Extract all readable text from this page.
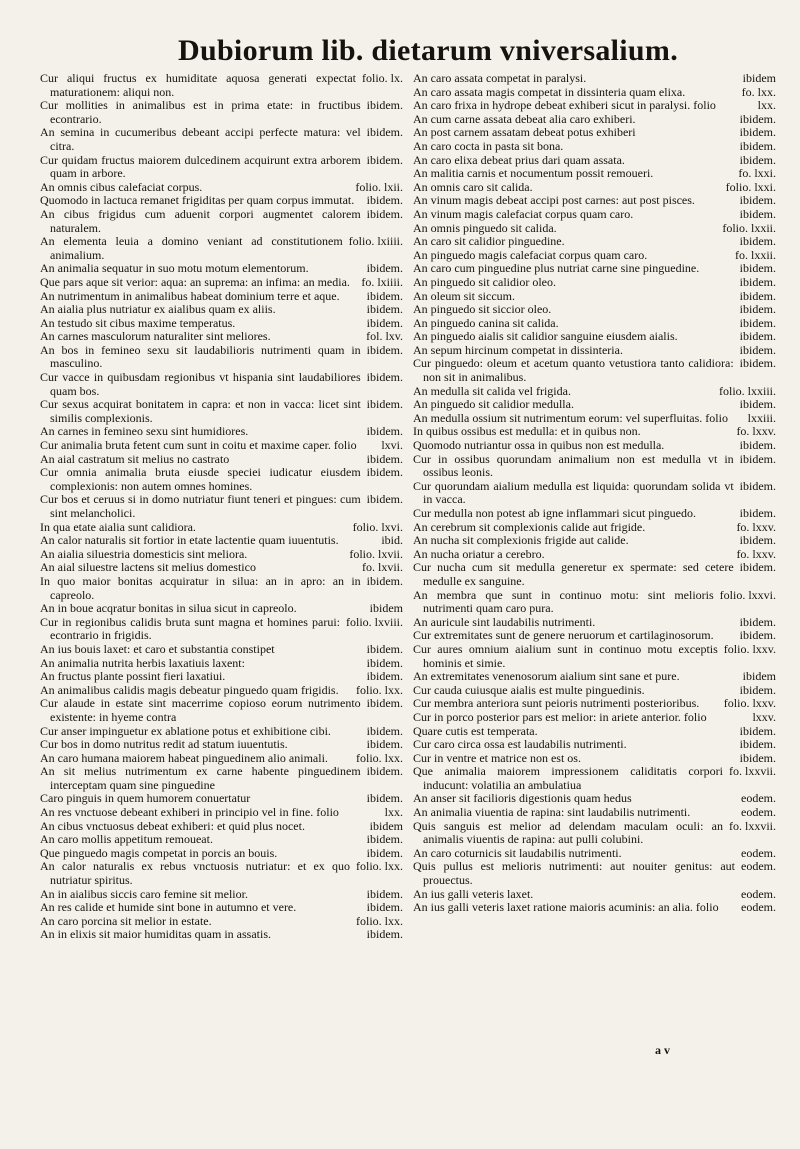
Dubiorum lib. dietarum vniversalium.

folio. lx.
Cur aliqui fructus ex humiditate aquosa generati expectat maturationem: aliqui non.

ibidem.
Cur mollities in animalibus est in prima etate: in fructibus econtrario.

ibidem.
An semina in cucumeribus debeant accipi perfecte matura: vel citra.

ibidem.
Cur quidam fructus maiorem dulcedinem acquirunt extra arborem quam in arbore.

folio. lxii.
An omnis cibus calefaciat corpus.

ibidem.
Quomodo in lactuca remanet frigiditas per quam corpus immutat.

ibidem.
An cibus frigidus cum aduenit corpori augmentet calorem naturalem.

folio. lxiiii.
An elementa leuia a domino veniant ad constitutionem animalium.

ibidem.
An animalia sequatur in suo motu motum elementorum.

fo. lxiiii.
Que pars aque sit verior: aqua: an suprema: an infima: an media.

ibidem.
An nutrimentum in animalibus habeat dominium terre et aque.

ibidem.
An aialia plus nutriatur ex aialibus quam ex aliis.

ibidem.
An testudo sit cibus maxime temperatus.

fol. lxv.
An carnes masculorum naturaliter sint meliores.

ibidem.
An bos in femineo sexu sit laudabilioris nutrimenti quam in masculino.

ibidem.
Cur vacce in quibusdam regionibus vt hispania sint laudabiliores quam bos.

ibidem.
Cur sexus acquirat bonitatem in capra: et non in vacca: licet sint similis complexionis.

ibidem.
An carnes in femineo sexu sint humidiores.

lxvi.
Cur animalia bruta fetent cum sunt in coitu et maxime caper. folio

ibidem.
An aial castratum sit melius no castrato

ibidem.
Cur omnia animalia bruta eiusde speciei iudicatur eiusdem complexionis: non autem omnes homines.

ibidem.
Cur bos et ceruus si in domo nutriatur fiunt teneri et pingues: cum sint melancholici.

folio. lxvi.
In qua etate aialia sunt calidiora.

ibid.
An calor naturalis sit fortior in etate lactentie quam iuuentutis.

folio. lxvii.
An aialia siluestria domesticis sint meliora.

fo. lxvii.
An aial siluestre lactens sit melius domestico

ibidem.
In quo maior bonitas acquiratur in silua: an in apro: an in capreolo.

ibidem
An in boue acqratur bonitas in silua sicut in capreolo.

folio. lxviii.
Cur in regionibus calidis bruta sunt magna et homines parui: econtrario in frigidis.

ibidem.
An ius bouis laxet: et caro et substantia constipet

ibidem.
An animalia nutrita herbis laxatiuis laxent:

ibidem.
An fructus plante possint fieri laxatiui.

folio. lxx.
An animalibus calidis magis debeatur pinguedo quam frigidis.

ibidem.
Cur alaude in estate sint macerrime copioso eorum nutrimento existente: in hyeme contra

ibidem.
Cur anser impinguetur ex ablatione potus et exhibitione cibi.

ibidem.
Cur bos in domo nutritus redit ad statum iuuentutis.

folio. lxx.
An caro humana maiorem habeat pinguedinem alio animali.

ibidem.
An sit melius nutrimentum ex carne habente pinguedinem interceptam quam sine pinguedine

ibidem.
Caro pinguis in quem humorem conuertatur

lxx.
An res vnctuose debeant exhiberi in principio vel in fine. folio

ibidem
An cibus vnctuosus debeat exhiberi: et quid plus nocet.

ibidem.
An caro mollis appetitum remoueat.

ibidem.
Que pinguedo magis competat in porcis an bouis.

folio. lxx.
An calor naturalis ex rebus vnctuosis nutriatur: et ex quo nutriatur spiritus.

ibidem.
An in aialibus siccis caro femine sit melior.

ibidem.
An res calide et humide sint bone in autumno et vere.

folio. lxx.
An caro porcina sit melior in estate.

ibidem.
An in elixis sit maior humiditas quam in assatis.

ibidem
An caro assata competat in paralysi.

fo. lxx.
An caro assata magis competat in dissinteria quam elixa.

lxx.
An caro frixa in hydrope debeat exhiberi sicut in paralysi. folio

ibidem.
An cum carne assata debeat alia caro exhiberi.

ibidem.
An post carnem assatam debeat potus exhiberi

ibidem.
An caro cocta in pasta sit bona.

ibidem.
An caro elixa debeat prius dari quam assata.

fo. lxxi.
An malitia carnis et nocumentum possit remoueri.

folio. lxxi.
An omnis caro sit calida.

ibidem.
An vinum magis debeat accipi post carnes: aut post pisces.

ibidem.
An vinum magis calefaciat corpus quam caro.

folio. lxxii.
An omnis pinguedo sit calida.

ibidem.
An caro sit calidior pinguedine.

fo. lxxii.
An pinguedo magis calefaciat corpus quam caro.

ibidem.
An caro cum pinguedine plus nutriat carne sine pinguedine.

ibidem.
An pinguedo sit calidior oleo.

ibidem.
An oleum sit siccum.

ibidem.
An pinguedo sit siccior oleo.

ibidem.
An pinguedo canina sit calida.

ibidem.
An pinguedo aialis sit calidior sanguine eiusdem aialis.

ibidem.
An sepum hircinum competat in dissinteria.

ibidem.
Cur pinguedo: oleum et acetum quanto vetustiora tanto calidiora: non sit in animalibus.

folio. lxxiii.
An medulla sit calida vel frigida.

ibidem.
An pinguedo sit calidior medulla.

lxxiii.
An medulla ossium sit nutrimentum eorum: vel superfluitas. folio

fo. lxxv.
In quibus ossibus est medulla: et in quibus non.

ibidem.
Quomodo nutriantur ossa in quibus non est medulla.

ibidem.
Cur in ossibus quorundam animalium non est medulla vt in ossibus leonis.

ibidem.
Cur quorundam aialium medulla est liquida: quorundam solida vt in vacca.

ibidem.
Cur medulla non potest ab igne inflammari sicut pinguedo.

fo. lxxv.
An cerebrum sit complexionis calide aut frigide.

ibidem.
An nucha sit complexionis frigide aut calide.

fo. lxxv.
An nucha oriatur a cerebro.

ibidem.
Cur nucha cum sit medulla generetur ex spermate: sed cetere medulle ex sanguine.

folio. lxxvi.
An membra que sunt in continuo motu: sint melioris nutrimenti quam caro pura.

ibidem.
An auricule sint laudabilis nutrimenti.

ibidem.
Cur extremitates sunt de genere neruorum et cartilaginosorum.

folio. lxxv.
Cur aures omnium aialium sunt in continuo motu exceptis hominis et simie.

ibidem
An extremitates venenosorum aialium sint sane et pure.

ibidem.
Cur cauda cuiusque aialis est multe pinguedinis.

folio. lxxv.
Cur membra anteriora sunt peioris nutrimenti posterioribus.

lxxv.
Cur in porco posterior pars est melior: in ariete anterior. folio

ibidem.
Quare cutis est temperata.

ibidem.
Cur caro circa ossa est laudabilis nutrimenti.

ibidem.
Cur in ventre et matrice non est os.

fo. lxxvii.
Que animalia maiorem impressionem caliditatis corpori inducunt: volatilia an ambulatiua

eodem.
An anser sit facilioris digestionis quam hedus

eodem.
An animalia viuentia de rapina: sint laudabilis nutrimenti.

fo. lxxvii.
Quis sanguis est melior ad delendam maculam oculi: an animalis viuentis de rapina: aut pulli colubini.

eodem.
An caro coturnicis sit laudabilis nutrimenti.

eodem.
Quis pullus est melioris nutrimenti: aut nouiter genitus: aut prouectus.

eodem.
An ius galli veteris laxet.

eodem.
An ius galli veteris laxet ratione maioris acuminis: an alia. folio

a v
